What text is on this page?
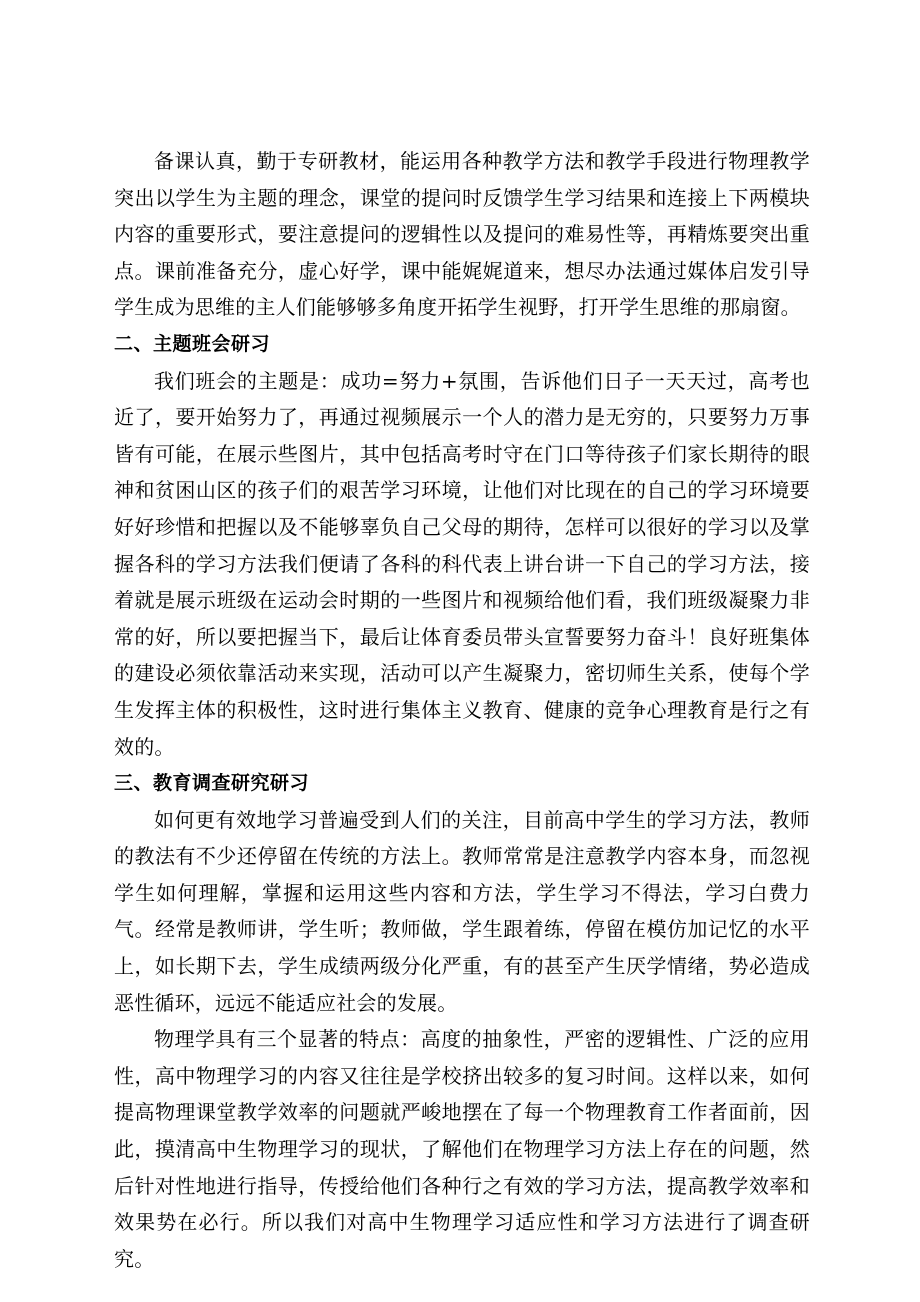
备课认真，勤于专研教材，能运用各种教学方法和教学手段进行物理教学突出以学生为主题的理念，课堂的提问时反馈学生学习结果和连接上下两模块内容的重要形式，要注意提问的逻辑性以及提问的难易性等，再精炼要突出重点。课前准备充分，虚心好学，课中能娓娓道来，想尽办法通过媒体启发引导学生成为思维的主人们能够够多角度开拓学生视野，打开学生思维的那扇窗。

二、主题班会研习

我们班会的主题是：成功=努力+氛围，告诉他们日子一天天过，高考也近了，要开始努力了，再通过视频展示一个人的潜力是无穷的，只要努力万事皆有可能，在展示些图片，其中包括高考时守在门口等待孩子们家长期待的眼神和贫困山区的孩子们的艰苦学习环境，让他们对比现在的自己的学习环境要好好珍惜和把握以及不能够辜负自己父母的期待，怎样可以很好的学习以及掌握各科的学习方法我们便请了各科的科代表上讲台讲一下自己的学习方法，接着就是展示班级在运动会时期的一些图片和视频给他们看，我们班级凝聚力非常的好，所以要把握当下，最后让体育委员带头宣誓要努力奋斗！良好班集体的建设必须依靠活动来实现，活动可以产生凝聚力，密切师生关系，使每个学生发挥主体的积极性，这时进行集体主义教育、健康的竞争心理教育是行之有效的。

三、教育调查研究研习

如何更有效地学习普遍受到人们的关注，目前高中学生的学习方法，教师的教法有不少还停留在传统的方法上。教师常常是注意教学内容本身，而忽视学生如何理解，掌握和运用这些内容和方法，学生学习不得法，学习白费力气。经常是教师讲，学生听；教师做，学生跟着练，停留在模仿加记忆的水平上，如长期下去，学生成绩两级分化严重，有的甚至产生厌学情绪，势必造成恶性循环，远远不能适应社会的发展。

物理学具有三个显著的特点：高度的抽象性，严密的逻辑性、广泛的应用性，高中物理学习的内容又往往是学校挤出较多的复习时间。这样以来，如何提高物理课堂教学效率的问题就严峻地摆在了每一个物理教育工作者面前，因此，摸清高中生物理学习的现状，了解他们在物理学习方法上存在的问题，然后针对性地进行指导，传授给他们各种行之有效的学习方法，提高教学效率和效果势在必行。所以我们对高中生物理学习适应性和学习方法进行了调查研究。
